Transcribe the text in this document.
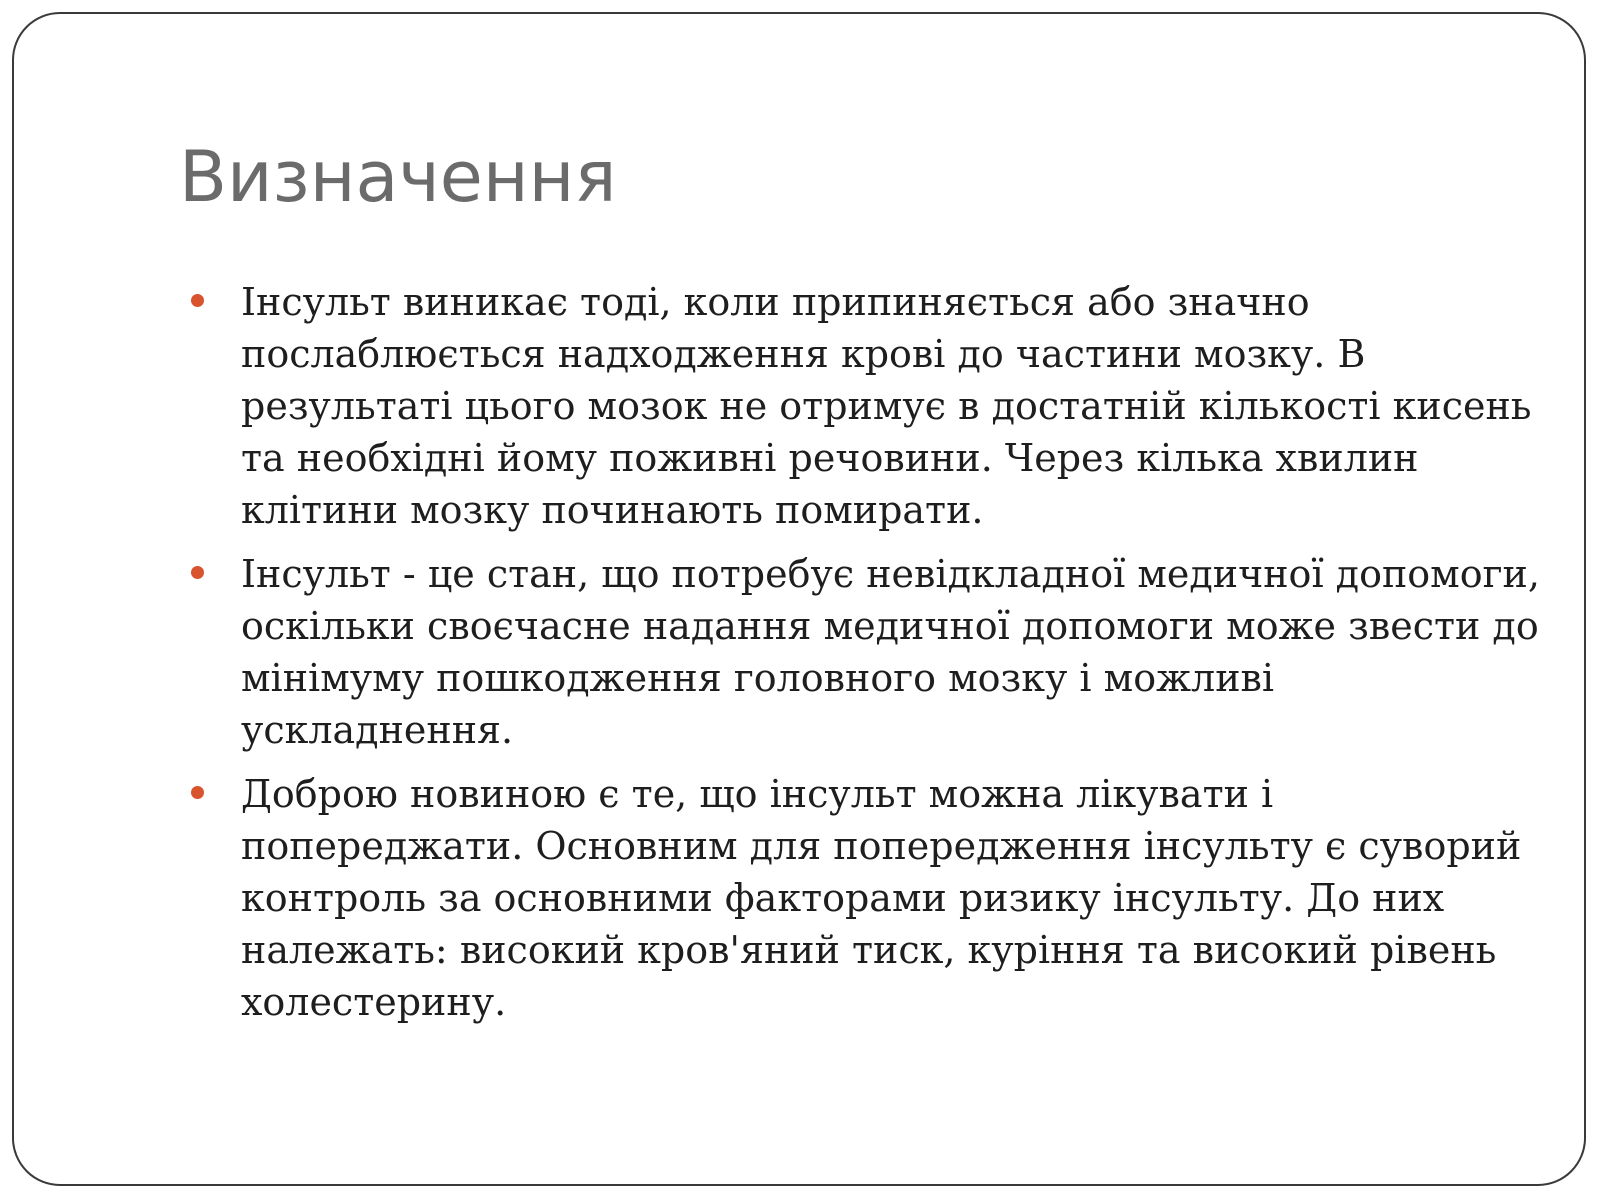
Визначення
Інсульт виникає тоді, коли припиняється або значно послаблюється надходження крові до частини мозку. В результаті цього мозок не отримує в достатній кількості кисень та необхідні йому поживні речовини. Через кілька хвилин клітини мозку починають помирати.
Інсульт - це стан, що потребує невідкладної медичної допомоги, оскільки своєчасне надання медичної допомоги може звести до мінімуму пошкодження головного мозку і можливі ускладнення.
Доброю новиною є те, що інсульт можна лікувати і попереджати. Основним для попередження інсульту є суворий контроль за основними факторами ризику інсульту. До них належать: високий кров'яний тиск, куріння та високий рівень холестерину.
